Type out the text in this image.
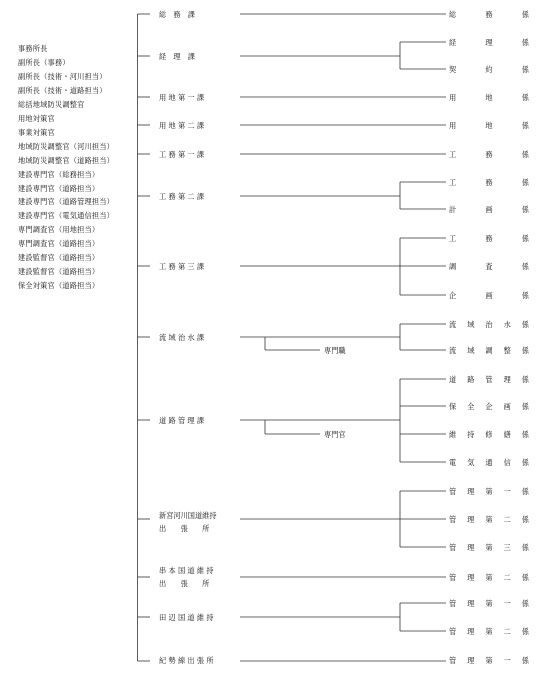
事務所長
副所長（事務）
副所長（技術・河川担当）
副所長（技術・道路担当）
総括地域防災調整官
用地対策官
事業対策官
地域防災調整官（河川担当）
地域防災調整官（道路担当）
建設専門官（総務担当）
建設専門官（道路担当）
建設専門官（道路管理担当）
建設専門官（電気通信担当）
専門調査官（用地担当）
専門調査官（道路担当）
建設監督官（道路担当）
建設監督官（道路担当）
保全対策官（道路担当）
総　務　課
経　理　課
用 地 第 一 課
用 地 第 二 課
工 務 第 一 課
工 務 第 二 課
工 務 第 三 課
流 域 治 水 課
道 路 管 理 課
新宮河川国道維持
出　　張　　所
串 本 国 道 維 持
出　　張　　所
田 辺 国 道 維 持
紀 勢 線 出 張 所
専門職
専門官
総　務　係
経　理　係
契　約　係
用　地　係
用　地　係
工　務　係
工　務　係
計　画　係
工　務　係
調　査　係
企　画　係
流 域 治 水 係
流 域 調 整 係
道 路 管 理 係
保 全 企 画 係
維 持 修 繕 係
電 気 通 信 係
管 理 第 一 係
管 理 第 二 係
管 理 第 三 係
管 理 第 二 係
管 理 第 一 係
管 理 第 二 係
管 理 第 一 係
